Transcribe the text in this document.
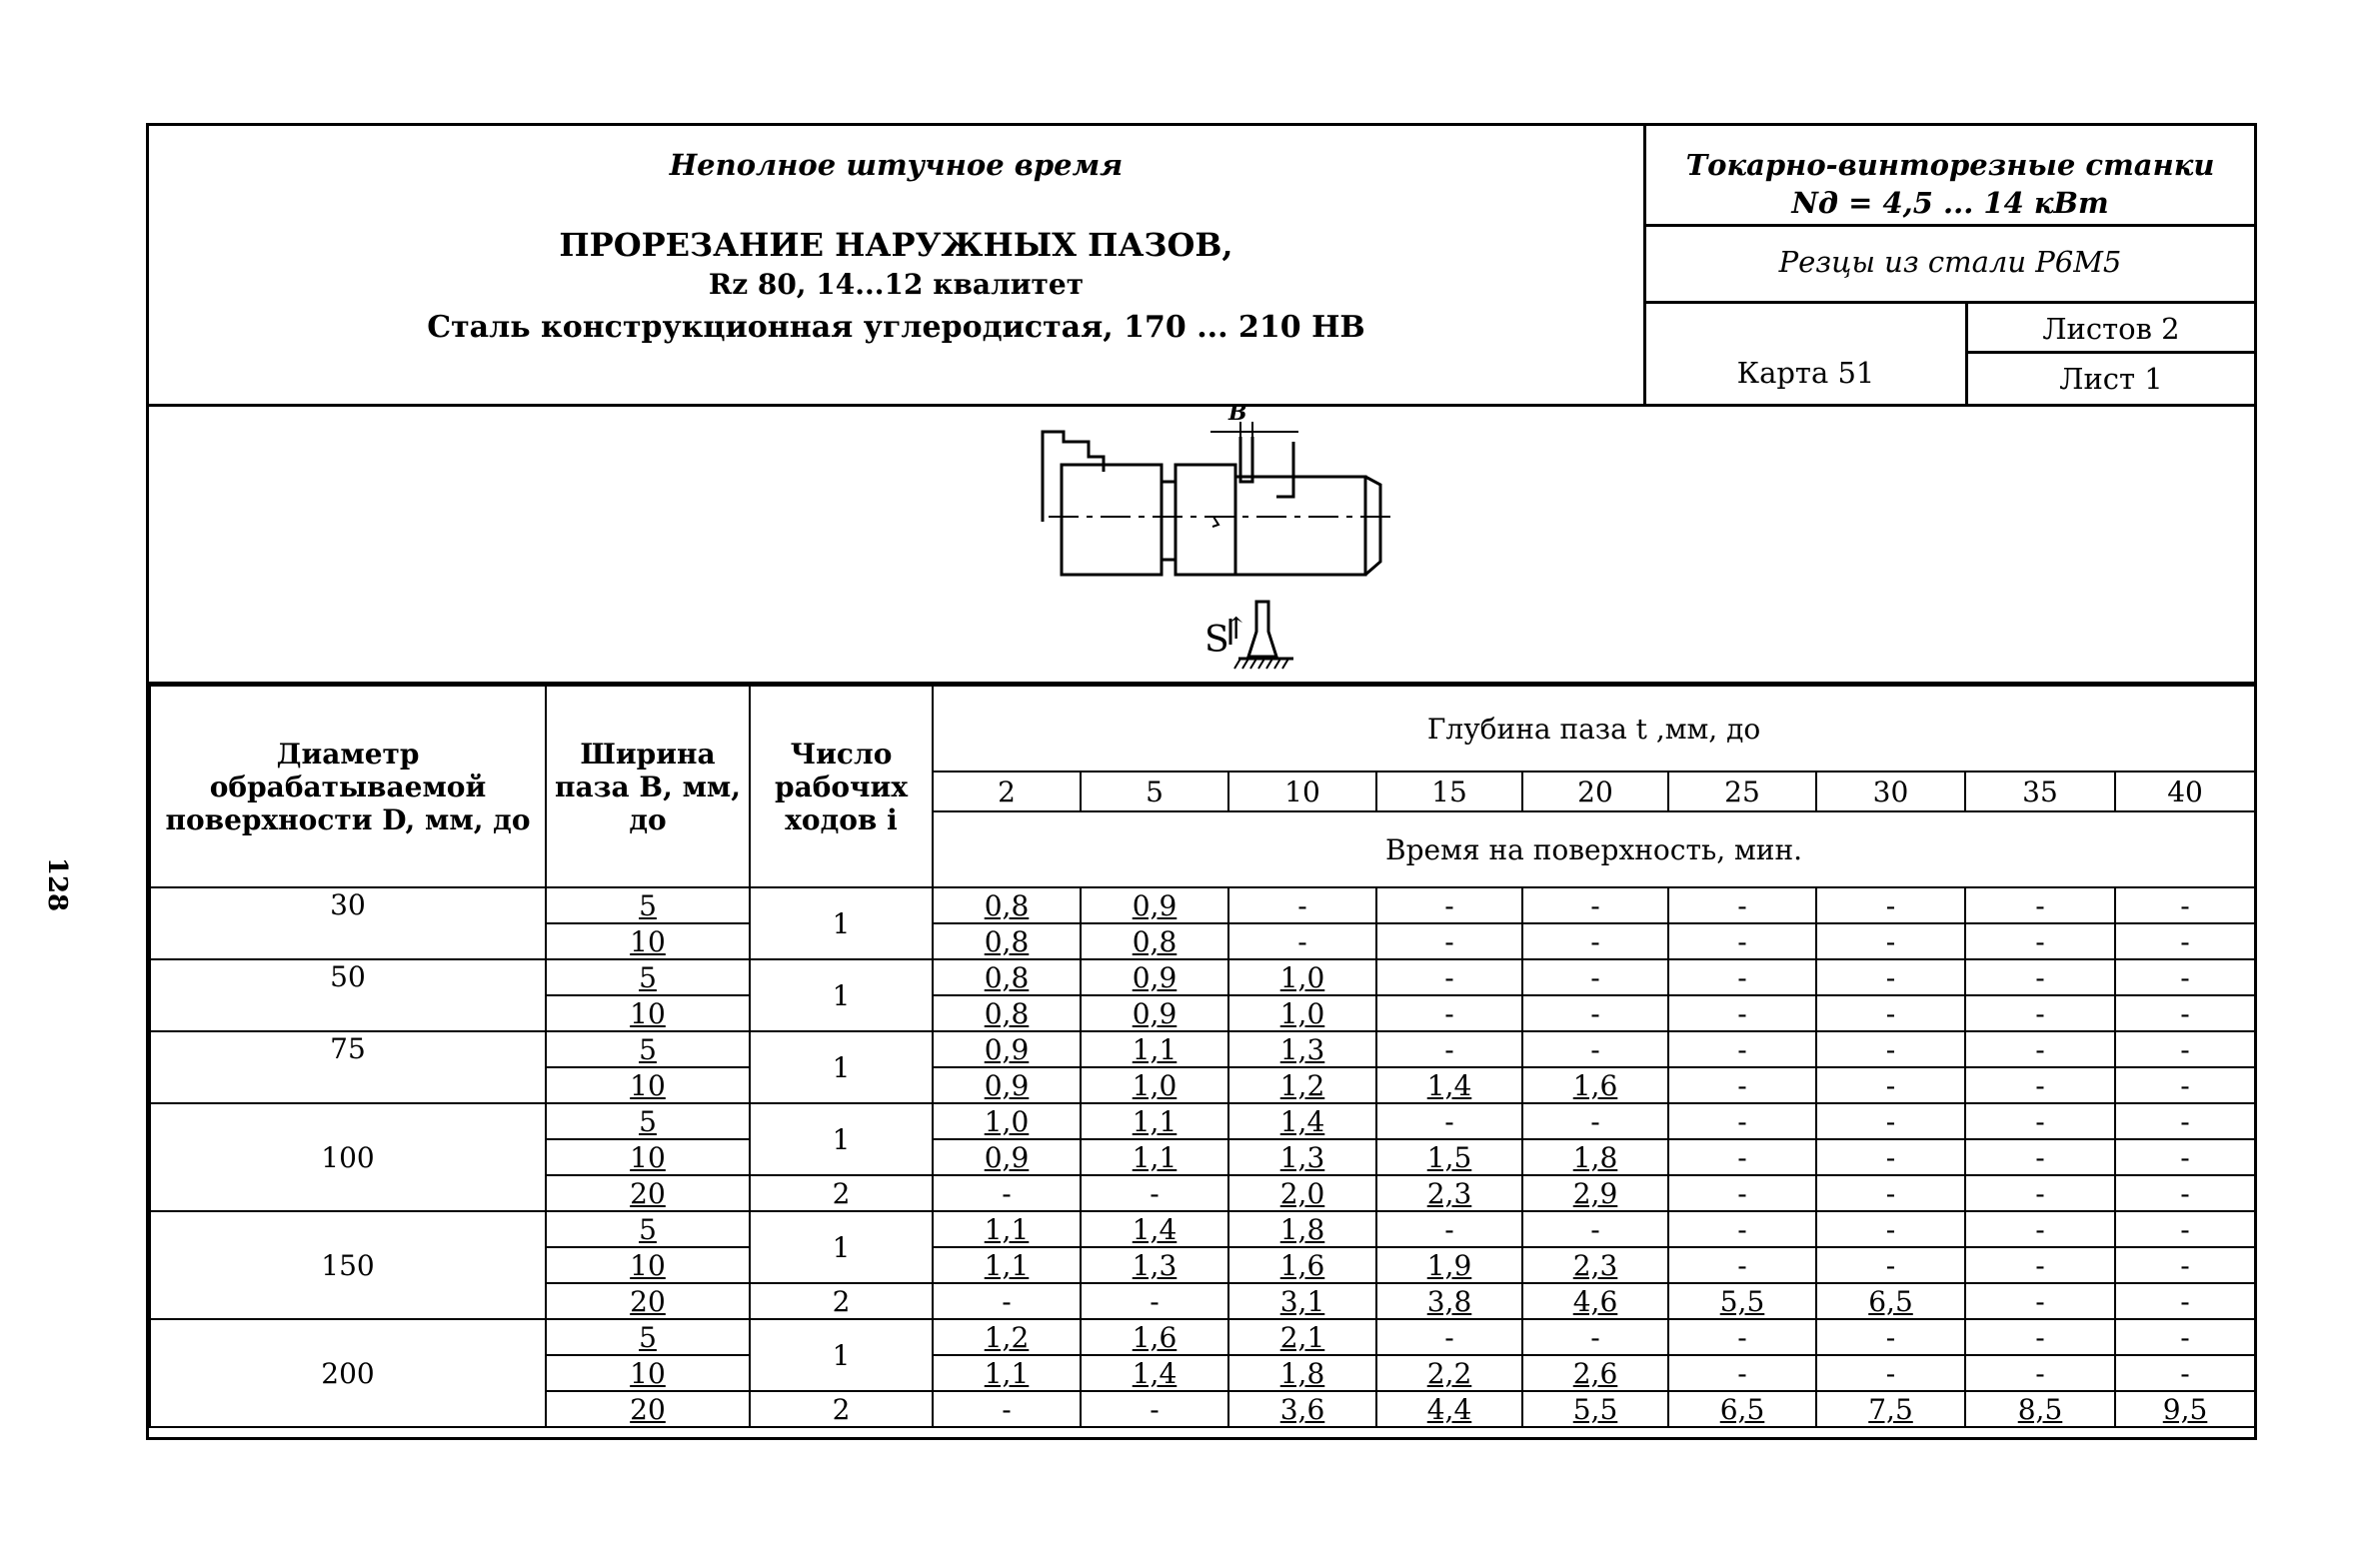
128
Неполное штучное время
ПРОРЕЗАНИЕ НАРУЖНЫХ ПАЗОВ,
Rz 80, 14...12 квалитет
Сталь конструкционная углеродистая, 170 ... 210 НВ
Токарно-винторезные станки
Nд = 4,5 ... 14 кВт
Резцы из стали Р6М5
Карта 51
Листов 2
Лист 1
B
S
↑
Диаметр обрабатываемой поверхности D, мм, до	Ширина паза B, мм, до	Число рабочих ходов i	Глубина паза t ,мм, до								
			2	5	10	15	20	25	30	35	40
			Время на поверхность, мин.								
30	5	1	0,8	0,9	-	-	-	-	-	-	-
	10		0,8	0,8	-	-	-	-	-	-	-
50	5	1	0,8	0,9	1,0	-	-	-	-	-	-
	10		0,8	0,9	1,0	-	-	-	-	-	-
75	5	1	0,9	1,1	1,3	-	-	-	-	-	-
	10		0,9	1,0	1,2	1,4	1,6	-	-	-	-
100	5	1	1,0	1,1	1,4	-	-	-	-	-	-
	10		0,9	1,1	1,3	1,5	1,8	-	-	-	-
	20	2	-	-	2,0	2,3	2,9	-	-	-	-
150	5	1	1,1	1,4	1,8	-	-	-	-	-	-
	10		1,1	1,3	1,6	1,9	2,3	-	-	-	-
	20	2	-	-	3,1	3,8	4,6	5,5	6,5	-	-
200	5	1	1,2	1,6	2,1	-	-	-	-	-	-
	10		1,1	1,4	1,8	2,2	2,6	-	-	-	-
	20	2	-	-	3,6	4,4	5,5	6,5	7,5	8,5	9,5
